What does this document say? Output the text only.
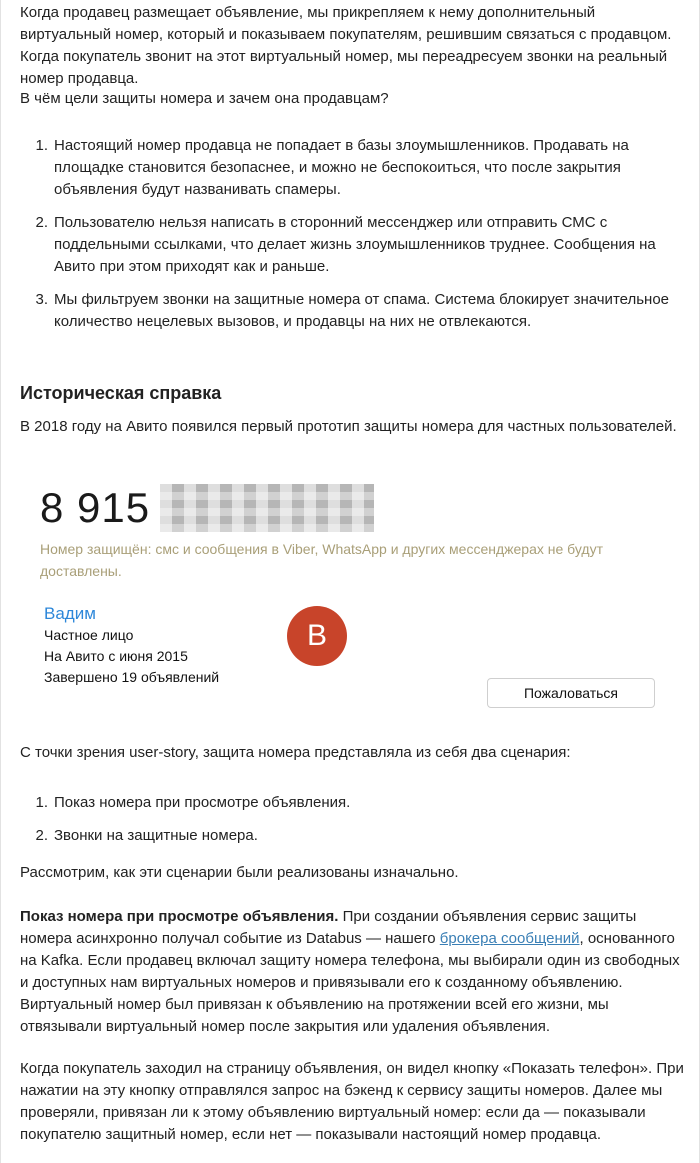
Когда продавец размещает объявление, мы прикрепляем к нему дополнительный виртуальный номер, который и показываем покупателям, решившим связаться с продавцом. Когда покупатель звонит на этот виртуальный номер, мы переадресуем звонки на реальный номер продавца.

В чём цели защиты номера и зачем она продавцам?

1. Настоящий номер продавца не попадает в базы злоумышленников. Продавать на площадке становится безопаснее, и можно не беспокоиться, что после закрытия объявления будут названивать спамеры.
2. Пользователю нельзя написать в сторонний мессенджер или отправить СМС с поддельными ссылками, что делает жизнь злоумышленников труднее. Сообщения на Авито при этом приходят как и раньше.
3. Мы фильтруем звонки на защитные номера от спама. Система блокирует значительное количество нецелевых вызовов, и продавцы на них не отвлекаются.
Историческая справка

В 2018 году на Авито появился первый прототип защиты номера для частных пользователей.

8 915
Номер защищён: смс и сообщения в Viber, WhatsApp и других мессенджерах не будут доставлены.
Вадим
Частное лицо
На Авито с июня 2015
Завершено 19 объявлений
В
Пожаловаться

С точки зрения user-story, защита номера представляла из себя два сценария:

1. Показ номера при просмотре объявления.
2. Звонки на защитные номера.

Рассмотрим, как эти сценарии были реализованы изначально.

Показ номера при просмотре объявления. При создании объявления сервис защиты номера асинхронно получал событие из Databus — нашего брокера сообщений, основанного на Kafka. Если продавец включал защиту номера телефона, мы выбирали один из свободных и доступных нам виртуальных номеров и привязывали его к созданному объявлению. Виртуальный номер был привязан к объявлению на протяжении всей его жизни, мы отвязывали виртуальный номер после закрытия или удаления объявления.

Когда покупатель заходил на страницу объявления, он видел кнопку «Показать телефон». При нажатии на эту кнопку отправлялся запрос на бэкенд к сервису защиты номеров. Далее мы проверяли, привязан ли к этому объявлению виртуальный номер: если да — показывали покупателю защитный номер, если нет — показывали настоящий номер продавца.
